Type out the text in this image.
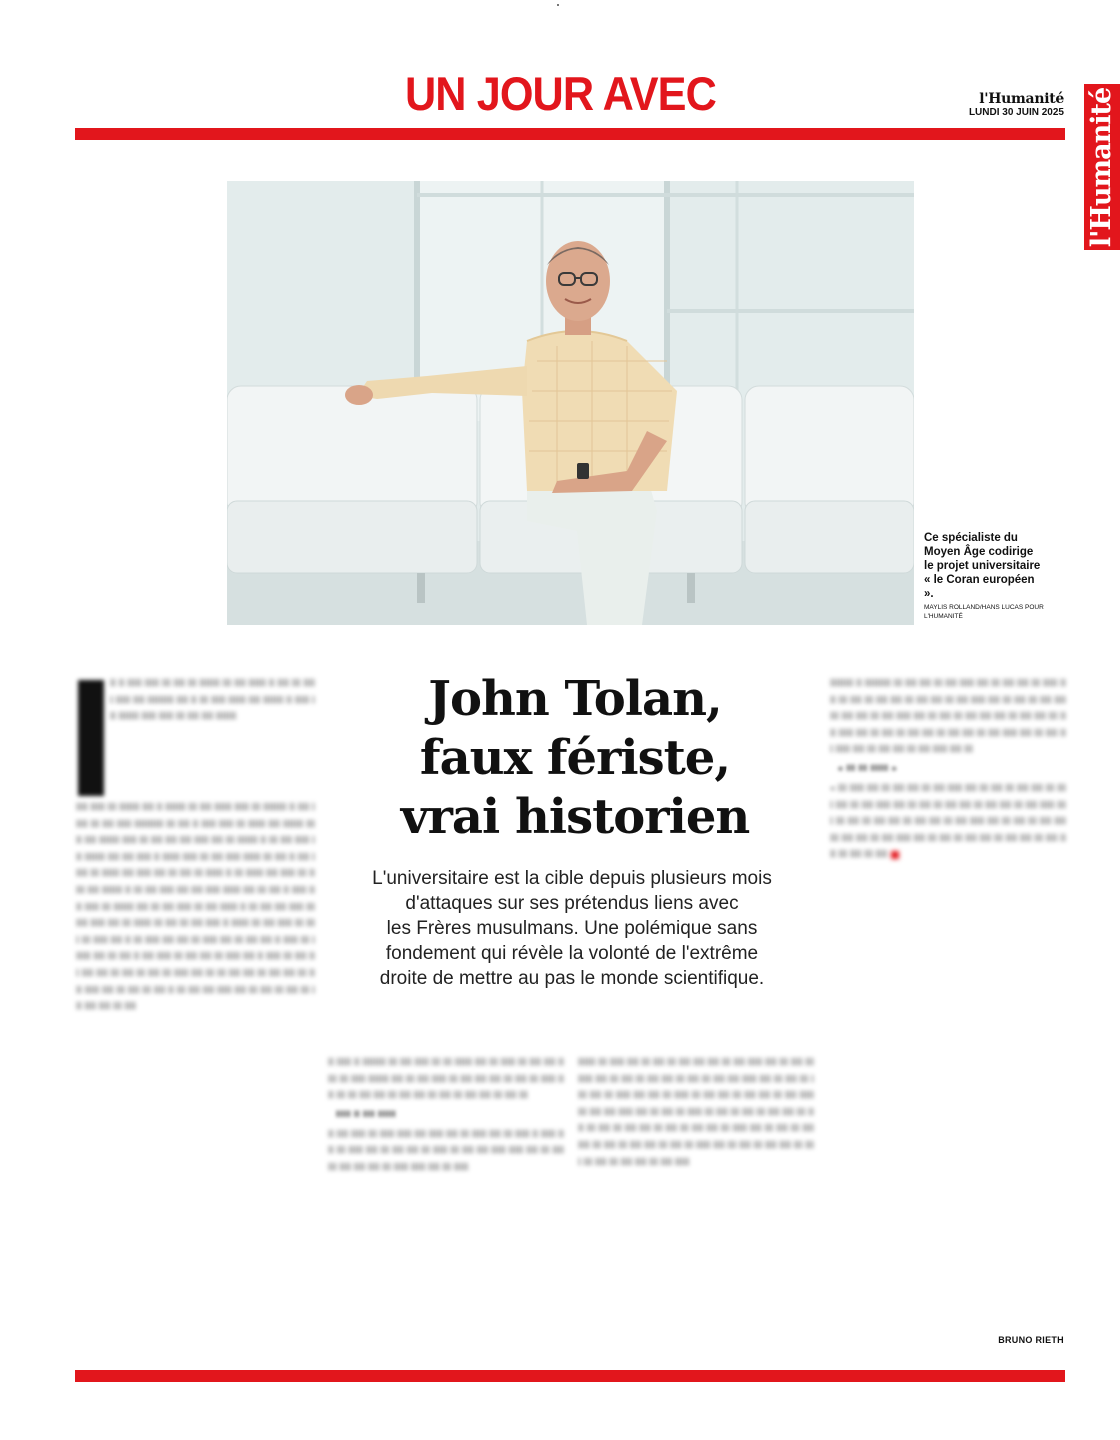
UN JOUR AVEC	l'Humanité
LUNDI 30 JUIN 2025 l'Humanité
Ce spécialiste du Moyen Âge codirige le projet universitaire « le Coran européen ».
MAYLIS ROLLAND/HANS LUCAS POUR L'HUMANITÉ
John Tolan,
faux fériste,
vrai historien

L'universitaire est la cible depuis plusieurs mois
d'attaques sur ses prétendus liens avec
les Frères musulmans. Une polémique sans
fondement qui révèle la volonté de l'extrême
droite de mettre au pas le monde scientifique.

ll ll lllll lllll lll llll lll lllllll lll llll llllll ll llll lll lllll lllll llll lllllllll llll ll lll lllll llllll llll lllllll ll lllll lll lllllll lllll lllll lll llll llll lllllll

llll lllll lll lllllll llll ll lllllll lll llll llllll lllll lll llllllll ll llll lllll lll llll lllll llllllllll lll llll ll lllll lllll lll llllll llll lllllll lll ll llll lllllll lllll lll llll llll llll lllll llll lll lllllll ll lll llll lllll lll lllllll llll llll lllll ll llllll lllll lll llll lllll llllll lll llll ll llll lllll lll llllll llll lllll llll lll llll lll llllll ll lll llllll llll lllll lll lllll llll lllllll ll lll llll lllll llll llll lllll llllll llll lll llll ll lllll llll lllll lll lllllll llll lll llll lllll lll llll llllll ll lll llll llll lllll lll llll lllll llll lll llllll lll llll lll llll lllll ll llllll lll llll lllll lll llll lll lllll llll ll lll lllll llll llll lll lllll llll lll llll llll ll lllll lll llllll llll lll llll ll llll lllll lll llll llll lll lllll llll ll lllll lll llll lll llll llll lll llll lll llll lll lllll llll lll lll llll llll lll llll llll lll llll lllll llll lll llll lll llll ll lll llll llll lllll llll lll llll lll llll lll lll llll llll lll llll

ll lllll ll llllllll lll llll lllll lll lll llllll llll lll lllll lll llll llll lllll lll lllll lllllll llll lll llll lllll lll llll llll llll lll llll lll lllll llll lll lll llll llll lll llll llll lll llll lll llll llll lll llll lll

lllll ll llll llllll

ll llll lllll lll lllll lllll llll lllll llll lll lllll llll lll lllll ll lllll llll lll lllll llll lll llll llll lll lllll lll llll llll lllll lllll llll lll llll lll llll llll llll lll lllll lllll llll lll lllll

llllll lll lllll llll lll llll lll llll llll llll lll llll lllll llll lll llll lll lllll llll lll llll lll llll llll lll llll lll llll llll lllll llll lll llll lll llll llll lll lllll llll llll lll lllll lll llll llll lll llll llll lll llll lllll lll llll llll lllll llll lll llll lll lllll lll llll lll llll lll llll llll lll llll lll llll lll llll llll lll llll lll llll llll lll lllll llll lll llll lll llll llll lll llll lll llll llll lll llll lll lllll llll lll llll lll llll llll lll llll lll llll lll llll llll lll llll lllll

llllllll ll lllllllll lll llll llll lll llll lllll llll lll llll llll lll lllll llll lll llll lll llll llll lll llll llll lll llll lllll llll lll llll lll llll llll lll llll llll lll llll lllll llll lll llll lll llll llll llll lll llll llll lll llll lllll llll lll llll lll llll llll lll llll llll lll llll lllll llll lll llll lll lllll llll lll llll llll lll llll lllll llll lll

« lll lll llllll »

« lll lllll llll lll llll llll lll llll lllll llll lll llll lll llll llll lll llll llll lll llll lllll llll lll llll lll llll llll lll llll llll lll llll lllll llll lll llll lll llll llll lll llll llll lll llll lllll llll lll llll lll llll llll lll llll llll lll llll lllll llll lll llll lll llll llll lll llll llll lll llll llll lll llll lll llll

BRUNO RIETH
